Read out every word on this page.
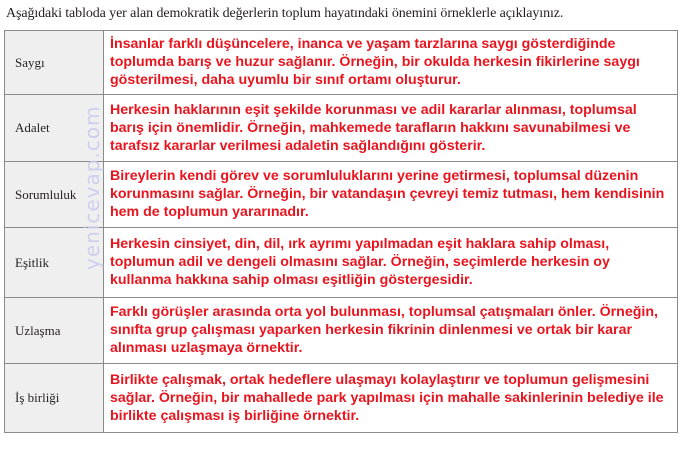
Aşağıdaki tabloda yer alan demokratik değerlerin toplum hayatındaki önemini örneklerle açıklayınız.
Saygı	İnsanlar farklı düşüncelere, inanca ve yaşam tarzlarına saygı gösterdiğinde toplumda barış ve huzur sağlanır. Örneğin, bir okulda herkesin fikirlerine saygı gösterilmesi, daha uyumlu bir sınıf ortamı oluşturur.
Adalet	Herkesin haklarının eşit şekilde korunması ve adil kararlar alınması, toplumsal barış için önemlidir. Örneğin, mahkemede tarafların hakkını savunabilmesi ve tarafsız kararlar verilmesi adaletin sağlandığını gösterir.
Sorumluluk	Bireylerin kendi görev ve sorumluluklarını yerine getirmesi, toplumsal düzenin korunmasını sağlar. Örneğin, bir vatandaşın çevreyi temiz tutması, hem kendisinin hem de toplumun yararınadır.
Eşitlik	Herkesin cinsiyet, din, dil, ırk ayrımı yapılmadan eşit haklara sahip olması, toplumun adil ve dengeli olmasını sağlar. Örneğin, seçimlerde herkesin oy kullanma hakkına sahip olması eşitliğin göstergesidir.
Uzlaşma	Farklı görüşler arasında orta yol bulunması, toplumsal çatışmaları önler. Örneğin, sınıfta grup çalışması yaparken herkesin fikrinin dinlenmesi ve ortak bir karar alınması uzlaşmaya örnektir.
İş birliği	Birlikte çalışmak, ortak hedeflere ulaşmayı kolaylaştırır ve toplumun gelişmesini sağlar. Örneğin, bir mahallede park yapılması için mahalle sakinlerinin belediye ile birlikte çalışması iş birliğine örnektir.
yenicevap.com
